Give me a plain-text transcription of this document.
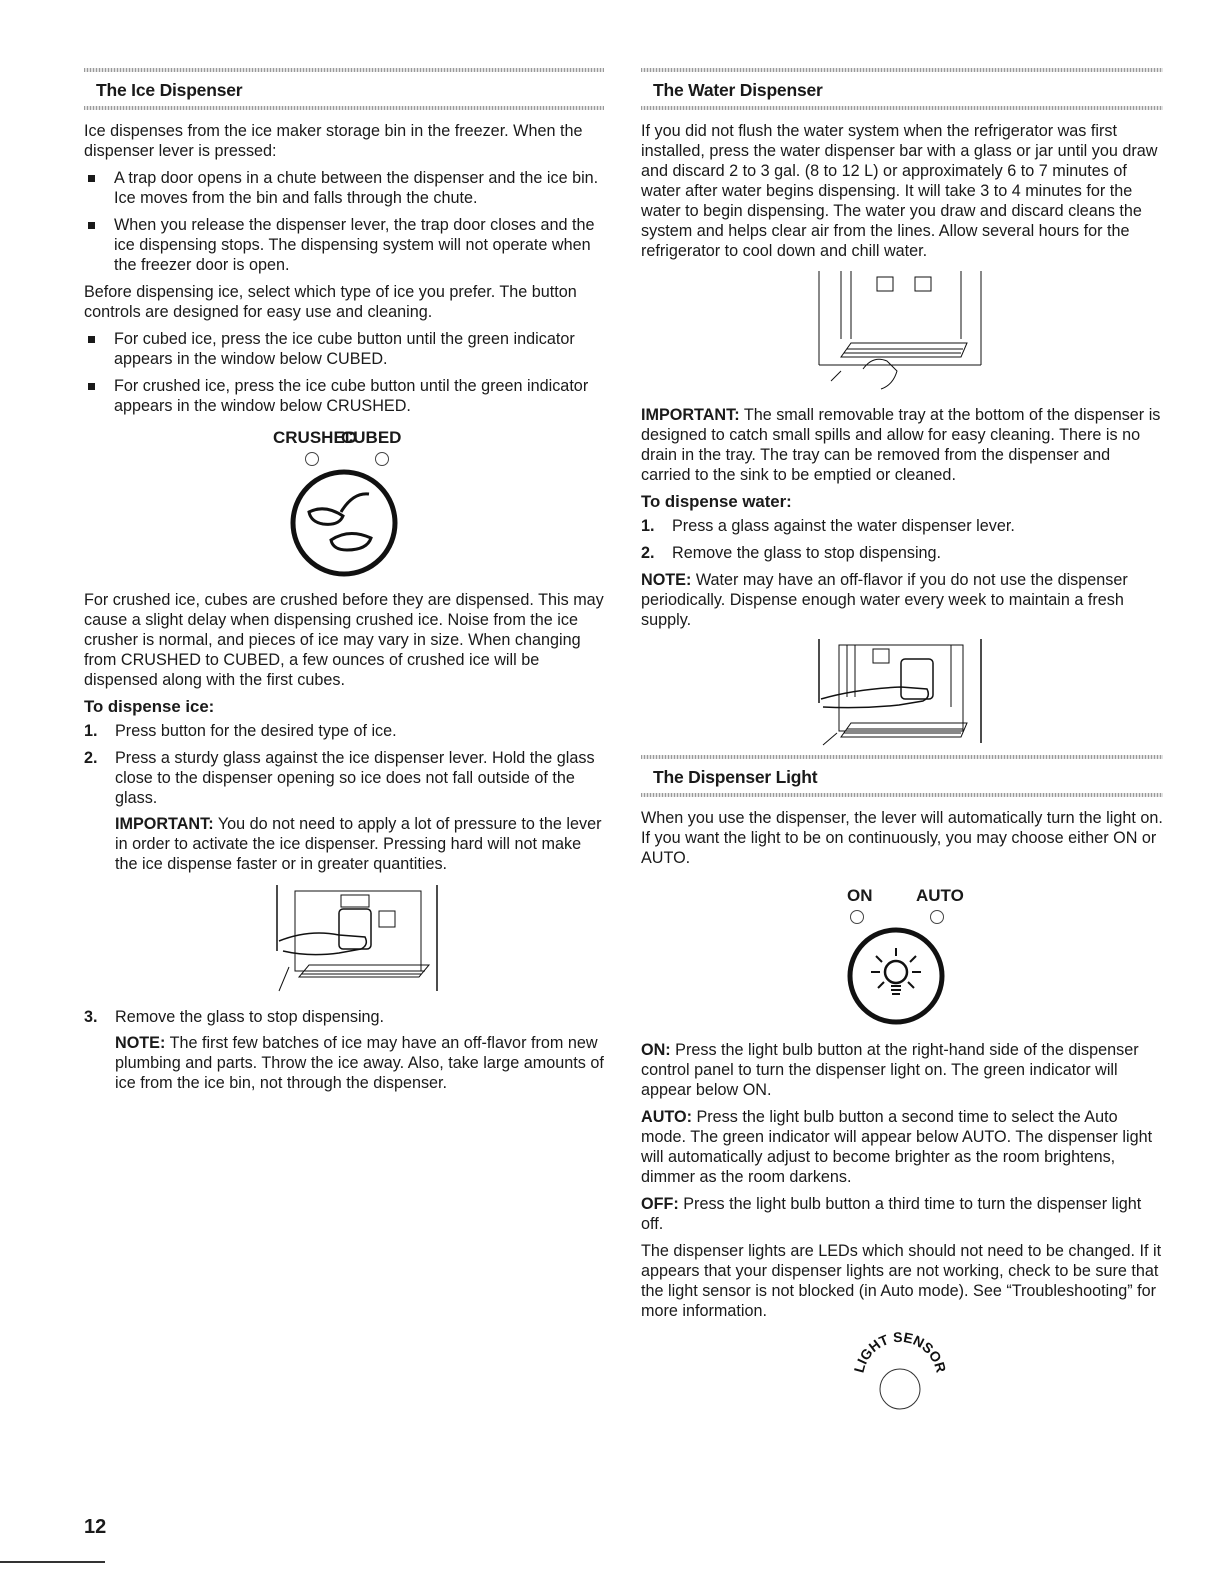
The Ice Dispenser

Ice dispenses from the ice maker storage bin in the freezer. When the dispenser lever is pressed:

A trap door opens in a chute between the dispenser and the ice bin. Ice moves from the bin and falls through the chute.
When you release the dispenser lever, the trap door closes and the ice dispensing stops. The dispensing system will not operate when the freezer door is open.

Before dispensing ice, select which type of ice you prefer. The button controls are designed for easy use and cleaning.

For cubed ice, press the ice cube button until the green indicator appears in the window below CUBED.
For crushed ice, press the ice cube button until the green indicator appears in the window below CRUSHED.
CRUSHED
CUBED

For crushed ice, cubes are crushed before they are dispensed. This may cause a slight delay when dispensing crushed ice. Noise from the ice crusher is normal, and pieces of ice may vary in size. When changing from CRUSHED to CUBED, a few ounces of crushed ice will be dispensed along with the first cubes.

To dispense ice:
1. Press button for the desired type of ice.
2. Press a sturdy glass against the ice dispenser lever. Hold the glass close to the dispenser opening so ice does not fall outside of the glass.
IMPORTANT: You do not need to apply a lot of pressure to the lever in order to activate the ice dispenser. Pressing hard will not make the ice dispense faster or in greater quantities.
3. Remove the glass to stop dispensing.
NOTE: The first few batches of ice may have an off-flavor from new plumbing and parts. Throw the ice away. Also, take large amounts of ice from the ice bin, not through the dispenser.
The Water Dispenser

If you did not flush the water system when the refrigerator was first installed, press the water dispenser bar with a glass or jar until you draw and discard 2 to 3 gal. (8 to 12 L) or approximately 6 to 7 minutes of water after water begins dispensing. It will take 3 to 4 minutes for the water to begin dispensing. The water you draw and discard cleans the system and helps clear air from the lines. Allow several hours for the refrigerator to cool down and chill water.

IMPORTANT: The small removable tray at the bottom of the dispenser is designed to catch small spills and allow for easy cleaning. There is no drain in the tray. The tray can be removed from the dispenser and carried to the sink to be emptied or cleaned.

To dispense water:
1. Press a glass against the water dispenser lever.
2. Remove the glass to stop dispensing.

NOTE: Water may have an off-flavor if you do not use the dispenser periodically. Dispense enough water every week to maintain a fresh supply.

The Dispenser Light

When you use the dispenser, the lever will automatically turn the light on. If you want the light to be on continuously, you may choose either ON or AUTO.

ON	AUTO

ON: Press the light bulb button at the right-hand side of the dispenser control panel to turn the dispenser light on. The green indicator will appear below ON.

AUTO: Press the light bulb button a second time to select the Auto mode. The green indicator will appear below AUTO. The dispenser light will automatically adjust to become brighter as the room brightens, dimmer as the room darkens.

OFF: Press the light bulb button a third time to turn the dispenser light off.

The dispenser lights are LEDs which should not need to be changed. If it appears that your dispenser lights are not working, check to be sure that the light sensor is not blocked (in Auto mode). See “Troubleshooting” for more information.

LIGHT SENSOR
12
